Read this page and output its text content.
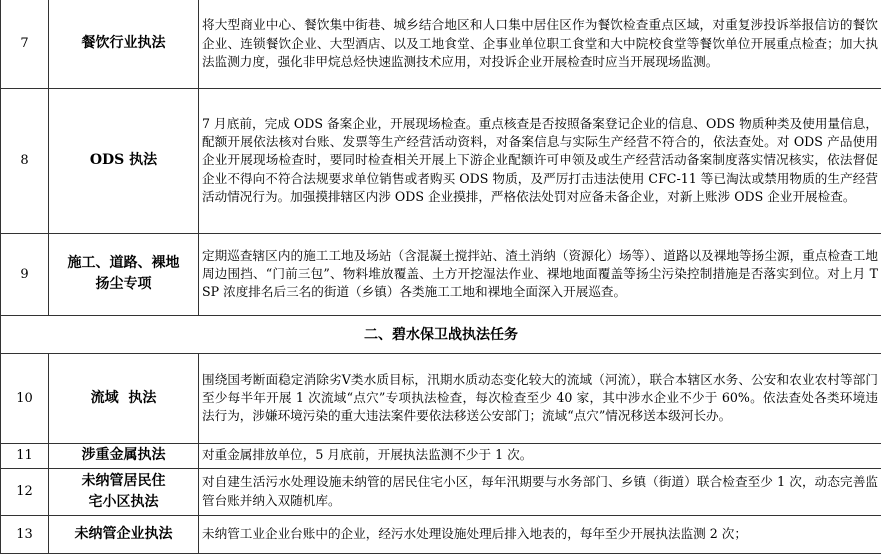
7	餐饮行业执法	将大型商业中心、餐饮集中街巷、城乡结合地区和人口集中居住区作为餐饮检查重点区域，对重复涉投诉举报信访的餐饮企业、连锁餐饮企业、大型酒店、以及工地食堂、企事业单位职工食堂和大中院校食堂等餐饮单位开展重点检查；加大执法监测力度，强化非甲烷总烃快速监测技术应用，对投诉企业开展检查时应当开展现场监测。

8	ODS 执法	7 月底前，完成 ODS 备案企业，开展现场检查。重点核查是否按照备案登记企业的信息、ODS 物质种类及使用量信息，配额开展依法核对台账、发票等生产经营活动资料，对备案信息与实际生产经营不符合的，依法查处。对 ODS 产品使用企业开展现场检查时，要同时检查相关开展上下游企业配额许可申领及或生产经营活动备案制度落实情况核实，依法督促企业不得向不符合法规要求单位销售或者购买 ODS 物质，及严厉打击违法使用 CFC-11 等已淘汰或禁用物质的生产经营活动情况行为。加强摸排辖区内涉 ODS 企业摸排，严格依法处罚对应备未备企业，对新上账涉 ODS 企业开展检查。

9	施工、道路、裸地扬尘专项	定期巡查辖区内的施工工地及场站（含混凝土搅拌站、渣土消纳（资源化）场等）、道路以及裸地等扬尘源，重点检查工地周边围挡、“门前三包”、物料堆放覆盖、土方开挖湿法作业、裸地地面覆盖等扬尘污染控制措施是否落实到位。对上月 TSP 浓度排名后三名的街道（乡镇）各类施工工地和裸地全面深入开展巡查。

二、碧水保卫战执法任务		
10	流域  执法	围绕国考断面稳定消除劣Ⅴ类水质目标，汛期水质动态变化较大的流域（河流），联合本辖区水务、公安和农业农村等部门至少每半年开展 1 次流域“点穴”专项执法检查，每次检查至少 40 家，其中涉水企业不少于 60%。依法查处各类环境违法行为，涉嫌环境污染的重大违法案件要依法移送公安部门；流域“点穴”情况移送本级河长办。

11	涉重金属执法	对重金属排放单位，5 月底前，开展执法监测不少于 1 次。

12	未纳管居民住宅小区执法	对自建生活污水处理设施未纳管的居民住宅小区，每年汛期要与水务部门、乡镇（街道）联合检查至少 1 次，动态完善监管台账并纳入双随机库。

13	未纳管企业执法	未纳管工业企业台账中的企业，经污水处理设施处理后排入地表的，每年至少开展执法监测 2 次；
